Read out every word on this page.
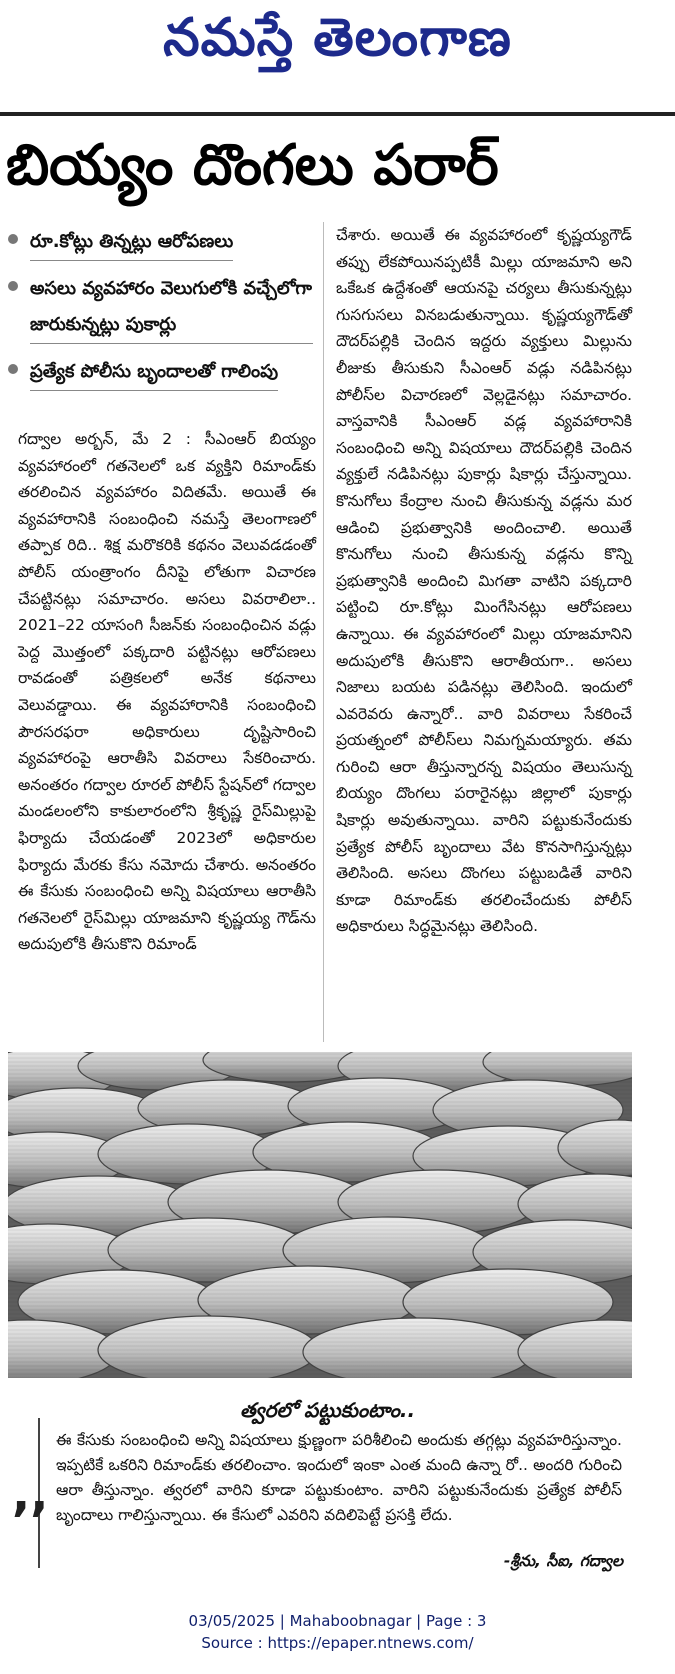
నమస్తే తెలంగాణ
బియ్యం దొంగలు పరార్
రూ.కోట్లు తిన్నట్లు ఆరోపణలు
అసలు వ్యవహారం వెలుగులోకి వచ్చేలోగా జారుకున్నట్లు పుకార్లు
ప్రత్యేక పోలీసు బృందాలతో గాలింపు
గద్వాల అర్బన్, మే 2 : సీఎంఆర్ బియ్యం వ్యవహారంలో గతనెలలో ఒక వ్యక్తిని రిమాండ్‌కు తరలించిన వ్యవహారం విదితమే. అయితే ఈ వ్యవహారానికి సంబంధించి నమస్తే తెలంగాణలో తప్పాక రిది.. శిక్ష మరొకరికి కథనం వెలువడడంతో పోలీస్ యంత్రాంగం దీనిపై లోతుగా విచారణ చేపట్టినట్లు సమాచారం. అసలు వివరాలిలా.. 2021–22 యాసంగి సీజన్‌కు సంబంధించిన వడ్లు పెద్ద మొత్తంలో పక్కదారి పట్టినట్లు ఆరోపణలు రావడంతో పత్రికలలో అనేక కథనాలు వెలువడ్డాయి. ఈ వ్యవహారానికి సంబంధించి పౌరసరఫరా అధికారులు దృష్టిసారించి వ్యవహారంపై ఆరాతీసి వివరాలు సేకరించారు. అనంతరం గద్వాల రూరల్ పోలీస్ స్టేషన్‌లో గద్వాల మండలంలోని కాకులారంలోని శ్రీకృష్ణ రైస్‌మిల్లుపై ఫిర్యాదు చేయడంతో 2023లో అధికారుల ఫిర్యాదు మేరకు కేసు నమోదు చేశారు. అనంతరం ఈ కేసుకు సంబంధించి అన్ని విషయాలు ఆరాతీసి గతనెలలో రైస్‌మిల్లు యాజమాని కృష్ణయ్య గౌడ్‌ను అదుపులోకి తీసుకొని రిమాండ్
చేశారు. అయితే ఈ వ్యవహారంలో కృష్ణయ్యగౌడ్ తప్పు లేకపోయినప్పటికీ మిల్లు యాజమాని అని ఒకేఒక ఉద్దేశంతో ఆయనపై చర్యలు తీసుకున్నట్లు గుసగుసలు వినబడుతున్నాయి. కృష్ణయ్యగౌడ్‌తో దౌదర్‌పల్లికి చెందిన ఇద్దరు వ్యక్తులు మిల్లును లీజుకు తీసుకుని సీఎంఆర్ వడ్లు నడిపినట్లు పోలీస్‌ల విచారణలో వెల్లడైనట్లు సమాచారం. వాస్తవానికి సీఎంఆర్ వడ్ల వ్యవహారానికి సంబంధించి అన్ని విషయాలు దౌదర్‌పల్లికి చెందిన వ్యక్తులే నడిపినట్లు పుకార్లు షికార్లు చేస్తున్నాయి. కొనుగోలు కేంద్రాల నుంచి తీసుకున్న వడ్లను మర ఆడించి ప్రభుత్వానికి అందించాలి. అయితే కొనుగోలు నుంచి తీసుకున్న వడ్లను కొన్ని ప్రభుత్వానికి అందించి మిగతా వాటిని పక్కదారి పట్టించి రూ.కోట్లు మింగేసినట్లు ఆరోపణలు ఉన్నాయి. ఈ వ్యవహారంలో మిల్లు యాజమానిని అదుపులోకి తీసుకొని ఆరాతీయగా.. అసలు నిజాలు బయట పడినట్లు తెలిసింది. ఇందులో ఎవరెవరు ఉన్నారో.. వారి వివరాలు సేకరించే ప్రయత్నంలో పోలీస్‌లు నిమగ్నమయ్యారు. తమ గురించి ఆరా తీస్తున్నారన్న విషయం తెలుసున్న బియ్యం దొంగలు పరారైనట్లు జిల్లాలో పుకార్లు షికార్లు అవుతున్నాయి. వారిని పట్టుకునేందుకు ప్రత్యేక పోలీస్ బృందాలు వేట కొనసాగిస్తున్నట్లు తెలిసింది. అసలు దొంగలు పట్టుబడితే వారిని కూడా రిమాండ్‌కు తరలించేందుకు పోలీస్ అధికారులు సిద్ధమైనట్లు తెలిసింది.
,,
త్వరలో పట్టుకుంటాం..
ఈ కేసుకు సంబంధించి అన్ని విషయాలు క్షుణ్ణంగా పరిశీలించి అందుకు తగ్గట్లు వ్యవహరిస్తున్నాం. ఇప్పటికే ఒకరిని రిమాండ్‌కు తరలించాం. ఇందులో ఇంకా ఎంత మంది ఉన్నా రో.. అందరి గురించి ఆరా తీస్తున్నాం. త్వరలో వారిని కూడా పట్టుకుంటాం. వారిని పట్టుకునేందుకు ప్రత్యేక పోలీస్ బృందాలు గాలిస్తున్నాయి. ఈ కేసులో ఎవరిని వదిలిపెట్టే ప్రసక్తి లేదు.
-శ్రీను, సీఐ, గద్వాల
03/05/2025 | Mahaboobnagar | Page : 3
Source : https://epaper.ntnews.com/
